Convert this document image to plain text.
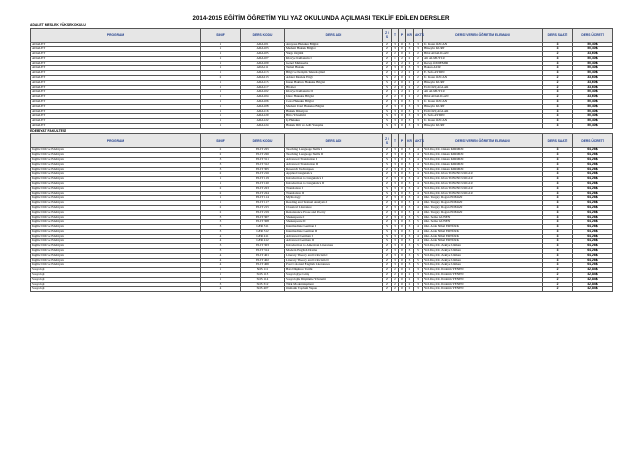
2014-2015 EĞİTİM ÖĞRETİM YILI YAZ OKULUNDA AÇILMASI TEKLİF EDİLEN DERSLER
ADALET MESLEK YÜKSEKOKULU
PROGRAM	SINIF	DERS KODU	DERS ADI	Z / S	T	P	KR	AKTS	DERSİ VEREN ÖĞRETİM ELEMANI	DERS SAATİ	DERS ÜCRETİ
ADALET	1	ADA101	Anayasa Hukuku Bilgisi	Z	3	0	3	3	Ü. Kaan ÖZCAN	3	50,40₺
ADALET	1	ADA103	Medeni Hukuk Bilgisi	Z	3	0	3	3	Hüseyin KURT	3	50,40₺
ADALET	1	ADA105	Yargı Örgütü	Z	2	0	2	2	Bilal ADALIGAN	2	33,60₺
ADALET	1	ADA107	Klavye Kullanımı I	Z	1	2	2	2	Ali ALMUTLU	3	50,40₺
ADALET	1	ADA109	Genel Muhasebe	Z	1	2	2	2	Recep ÖZDEMİR	3	50,40₺
ADALET	1	ADA111	Temel Hukuk	Z	3	0	3	3	Hakan AZİZ	3	50,40₺
ADALET	1	ADA113	Bilgi ve İletişim Teknolojileri	Z	1	2	2	2	E. Sefa AYDIN	3	50,40₺
ADALET	2	ADA213	Adalet Meslek Etiği	S	2	0	2	2	Ü. Kaan ÖZCAN	2	33,60₺
ADALET	1	ADA115	İnsan Hakları Hukuku Bilgisi	S	2	0	2	2	Hüseyin KURT	2	33,60₺
ADALET	1	ADA117	Hitabet	S	2	0	2	2	Erdi ÖZÇAĞLAR	2	33,60₺
ADALET	1	ADA102	Klavye Kullanımı II	Z	1	2	2	2	Ali ALMUTLU	3	50,40₺
ADALET	1	ADA104	İdare Hukuku Bilgisi	Z	2	0	2	2	Bilal ADALIGAN	2	33,60₺
ADALET	1	ADA106	Ceza Hukuku Bilgisi	Z	3	0	3	3	Ü. Kaan ÖZCAN	3	50,40₺
ADALET	1	ADA108	Medeni Usul Hukuku Bilgisi	Z	3	0	3	3	Hüseyin KURT	3	50,40₺
ADALET	1	ADA116	Hukuk Diksiyon	S	3	0	3	3	Erdi ÖZÇAĞLAR	3	50,40₺
ADALET	1	ADA120	Büro Yönetimi	S	3	0	3	3	E. Sefa AYDIN	3	50,40₺
ADALET	1	ADA122	İş Hukuku	S	3	0	3	3	Ü. Kaan ÖZCAN	3	50,40₺
ADALET	1	ADA124	Hukuk Dili ve Adli Yazışma	S	3	0	3	3	Hüseyin KURT	3	50,40₺
EDEBİYAT FAKÜLTESİ
PROGRAM	SINIF	DERS KODU	DERS ADI	Z / S	T	P	KR	AKTS	DERSİ VEREN ÖĞRETİM ELEMANI	DERS SAATİ	DERS ÜCRETİ
İngiliz Dili ve Edebiyatı	2	ELIT 225	Teaching Language Skills I	Z	3	0	3	4	Yrd.Doç.Dr. Ozkan KIRMIZI	3	64,26₺
İngiliz Dili ve Edebiyatı	2	ELIT 226	Teaching Language Skills II	Z	3	0	3	4	Yrd.Doç.Dr. Ozkan KIRMIZI	3	64,26₺
İngiliz Dili ve Edebiyatı	3	ELIT 311	Advanced Translation I	S	3	0	3	4	Yrd.Doç.Dr. Ozkan KIRMIZI	3	64,26₺
İngiliz Dili ve Edebiyatı	3	ELIT 312	Advanced Translation II	S	3	0	3	4	Yrd.Doç.Dr. Ozkan KIRMIZI	3	64,26₺
İngiliz Dili ve Edebiyatı	3	ELIT 305	Research Techniques	Z	3	0	3	5	Yrd.Doç.Dr. Ozkan KIRMIZI	3	64,26₺
İngiliz Dili ve Edebiyatı	2	ELIT 216	Applied Linguistics	Z	3	0	3	4	Yrd.Doç.Dr. Irfan TOSUNCUOGLU	3	64,26₺
İngiliz Dili ve Edebiyatı	1	ELIT 119	Introduction to Linguistics I	Z	3	0	3	4	Yrd.Doç.Dr. Irfan TOSUNCUOGLU	3	64,26₺
İngiliz Dili ve Edebiyatı	1	ELIT 120	Introduction to Linguistics II	Z	3	0	3	4	Yrd.Doç.Dr. Irfan TOSUNCUOGLU	3	64,26₺
İngiliz Dili ve Edebiyatı	2	ELIT 223	Translation I	S	3	0	3	4	Yrd.Doç.Dr. Irfan TOSUNCUOGLU	3	64,26₺
İngiliz Dili ve Edebiyatı	2	ELIT 224	Translation II	S	3	0	3	4	Yrd.Doç.Dr. Irfan TOSUNCUOGLU	3	64,26₺
İngiliz Dili ve Edebiyatı	1	ELIT 114	Mythology	Z	3	0	3	4	Okt. Turgay Doğan EDMAN	3	64,26₺
İngiliz Dili ve Edebiyatı	1	ELIT 117	Reading and Textual Analysis I	Z	3	0	3	4	Okt. Turgay Doğan EDMAN	3	64,26₺
İngiliz Dili ve Edebiyatı	2	ELIT 215	Classical Literature	Z	3	0	3	4	Okt. Turgay Doğan EDMAN	3	64,26₺
İngiliz Dili ve Edebiyatı	2	ELIT 219	Renaissance Prose and Poetry	Z	3	0	3	4	Okt. Turgay Doğan EDMAN	3	64,26₺
İngiliz Dili ve Edebiyatı	3	ELIT 307	Shakespeare I	Z	3	0	3	5	Okt. Sema GÜNEN	3	64,26₺
İngiliz Dili ve Edebiyatı	3	ELIT 308	Shakespeare II	Z	3	0	3	5	Okt. Sema GÜNEN	3	64,26₺
İngiliz Dili ve Edebiyatı	3	GER 311	Intermediate German I	S	3	0	3	4	Okt. Arda Nihal ERTÜRK	3	64,26₺
İngiliz Dili ve Edebiyatı	3	GER 312	Intermediate German II	S	3	0	3	4	Okt. Arda Nihal ERTÜRK	3	64,26₺
İngiliz Dili ve Edebiyatı	4	GER 411	Advanced German I	S	3	0	3	4	Okt. Arda Nihal ERTÜRK	3	64,26₺
İngiliz Dili ve Edebiyatı	4	GER 412	Advanced German II	S	3	0	3	4	Okt. Arda Nihal ERTÜRK	3	64,26₺
İngiliz Dili ve Edebiyatı	3	ELIT 303	Introduction to American Literature	Z	3	0	3	5	Yrd.Doç.Dr. Zekiye Umhan	3	64,26₺
İngiliz Dili ve Edebiyatı	3	ELIT 314	Modern English Drama	Z	3	0	3	5	Yrd.Doç.Dr. Zekiye Umhan	3	64,26₺
İngiliz Dili ve Edebiyatı	4	ELIT 401	Literary Theory and Criticism I	Z	3	0	3	5	Yrd.Doç.Dr. Zekiye Umhan	3	64,26₺
İngiliz Dili ve Edebiyatı	4	ELIT 402	Literary Theory and Criticism II	Z	3	0	3	5	Yrd.Doç.Dr. Zekiye Umhan	3	64,26₺
İngiliz Dili ve Edebiyatı	4	ELIT 406	Post Colonial English Literatures	Z	3	0	3	5	Yrd.Doç.Dr. Zekiye Umhan	3	64,26₺
Sosyoloji	1	SOS 111	Batı Düşünce Tarihi	Z	2	0	2	3	Yrd.Doç.Dr. İbrahim YENEN	2	42,84₺
Sosyoloji	1	SOS 113	Sosyolojiye Giriş	Z	2	0	2	3	Yrd.Doç.Dr. İbrahim YENEN	2	42,84₺
Sosyoloji	1	SOS 114	Sosyolojik Düşünme Yöntemi	Z	2	0	2	3	Yrd.Doç.Dr. İbrahim YENEN	2	42,84₺
Sosyoloji	3	SOS 312	Türk Modernleşmesi	Z	2	0	2	3	Yrd.Doç.Dr. İbrahim YENEN	2	42,84₺
Sosyoloji	4	SOS 407	Osmanlı Toplum Yapısı	Z	2	0	2	3	Yrd.Doç.Dr. İbrahim YENEN	2	42,84₺
